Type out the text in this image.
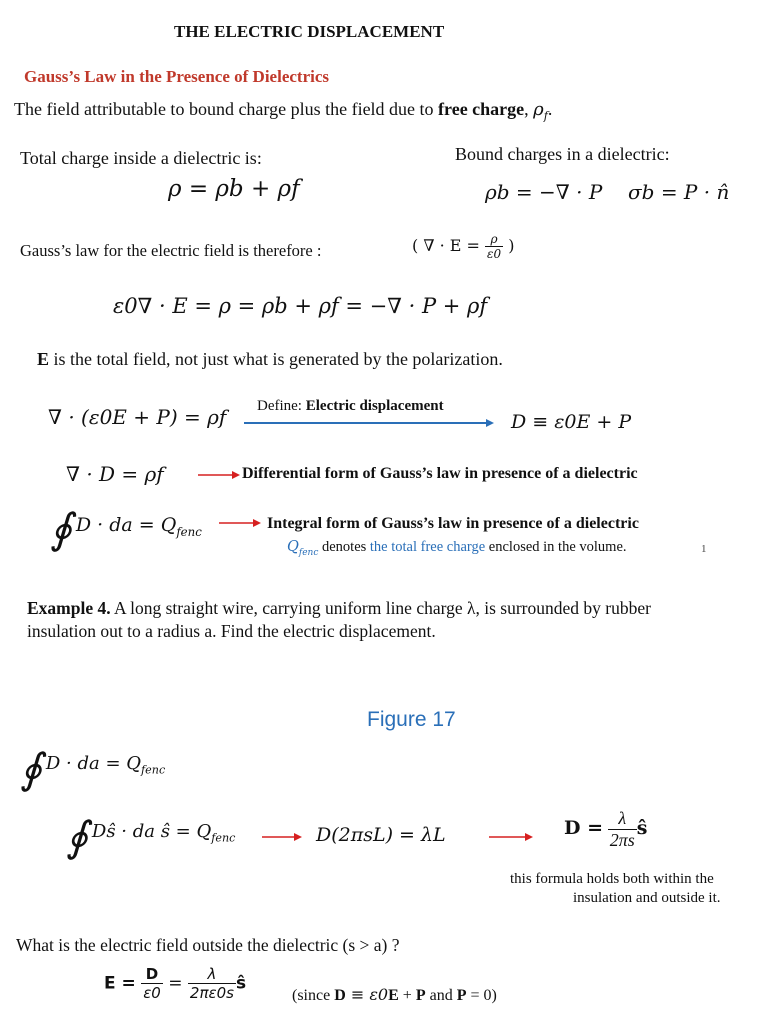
THE ELECTRIC DISPLACEMENT
Gauss’s Law in the Presence of Dielectrics
The field attributable to bound charge plus the field due to free charge, $\rho_f$.
Total charge inside a dielectric is:
ρ = ρb + ρf
Bound charges in a dielectric:
ρb = −∇ · P σb = P · n̂
Gauss’s law for the electric field is therefore :	( ∇ · $E = \frac{\rho}{\varepsilon 0}$ )
ε0∇ · E = ρ = ρb + ρf = −∇ · P + ρf
E is the total field, not just what is generated by the polarization.
∇ · (ε0E + P) = ρf Define: Electric displacement
D ≡ ε0E + P
∇ · D = ρf	Differential form of Gauss’s law in presence of a dielectric
∮ D · da = $Q_{fenc}$	Integral form of Gauss’s law in presence of a dielectric
$Q_{fenc}$ denotes the total free charge enclosed in the volume.	1
Example 4. A long straight wire, carrying uniform line charge λ, is surrounded by rubber
insulation out to a radius a. Find the electric displacement.
Figure 17
∮ D · da = $Q_{fenc}$
∮ Dŝ · da ŝ = $Q_{fenc}$	D(2πsL) = λL	$D = \frac{\lambda}{2\pi s}$ ŝ
this formula holds both within the
insulation and outside it.
What is the electric field outside the dielectric (s > a) ?
$E = \frac{D}{\varepsilon 0} = \frac{\lambda}{2\pi\varepsilon 0s}$ ŝ
(since D ≡ ε0E + P and P = 0)
